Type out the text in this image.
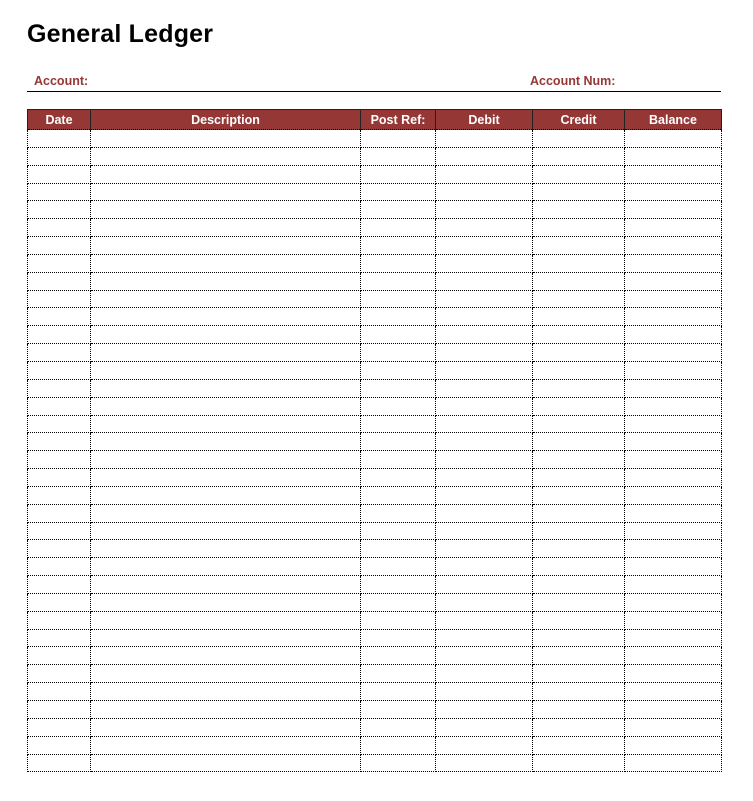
General Ledger
Account:	Account Num:
Date	Description	Post Ref:	Debit	Credit	Balance
